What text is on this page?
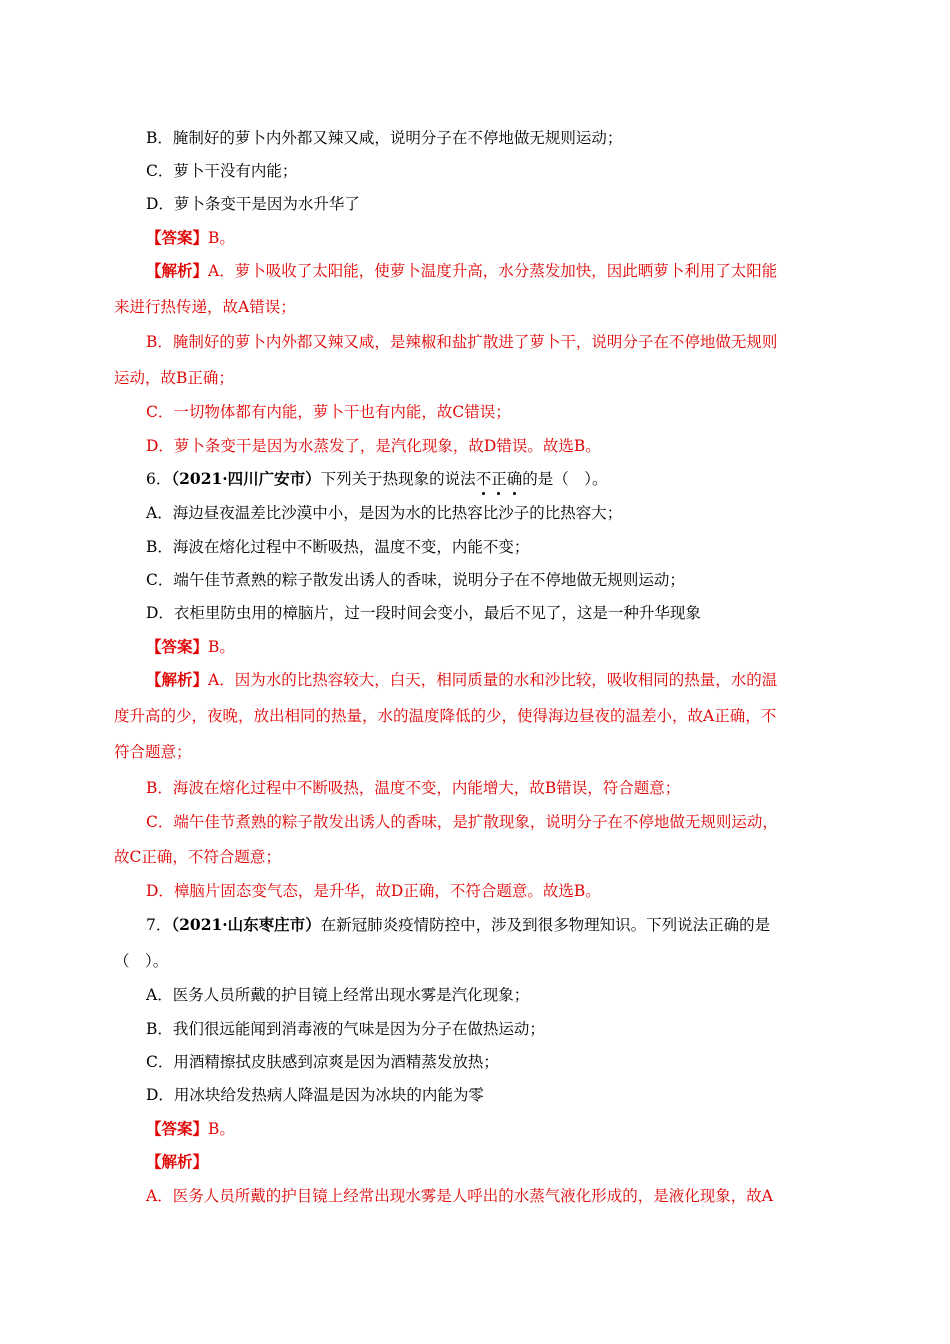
B．腌制好的萝卜内外都又辣又咸，说明分子在不停地做无规则运动；
C．萝卜干没有内能；
D．萝卜条变干是因为水升华了
【答案】B。
【解析】A．萝卜吸收了太阳能，使萝卜温度升高，水分蒸发加快，因此晒萝卜利用了太阳能
来进行热传递，故A错误；
B．腌制好的萝卜内外都又辣又咸，是辣椒和盐扩散进了萝卜干，说明分子在不停地做无规则
运动，故B正确；
C．一切物体都有内能，萝卜干也有内能，故C错误；
D．萝卜条变干是因为水蒸发了，是汽化现象，故D错误。故选B。
6．（2021·四川广安市）下列关于热现象的说法不正确的是（　）。
A．海边昼夜温差比沙漠中小，是因为水的比热容比沙子的比热容大；
B．海波在熔化过程中不断吸热，温度不变，内能不变；
C．端午佳节煮熟的粽子散发出诱人的香味，说明分子在不停地做无规则运动；
D．衣柜里防虫用的樟脑片，过一段时间会变小，最后不见了，这是一种升华现象
【答案】B。
【解析】A．因为水的比热容较大，白天，相同质量的水和沙比较，吸收相同的热量，水的温
度升高的少，夜晚，放出相同的热量，水的温度降低的少，使得海边昼夜的温差小，故A正确，不
符合题意；
B．海波在熔化过程中不断吸热，温度不变，内能增大，故B错误，符合题意；
C．端午佳节煮熟的粽子散发出诱人的香味，是扩散现象，说明分子在不停地做无规则运动，
故C正确，不符合题意；
D．樟脑片固态变气态，是升华，故D正确，不符合题意。故选B。
7．（2021·山东枣庄市）在新冠肺炎疫情防控中，涉及到很多物理知识。下列说法正确的是
（　）。
A．医务人员所戴的护目镜上经常出现水雾是汽化现象；
B．我们很远能闻到消毒液的气味是因为分子在做热运动；
C．用酒精擦拭皮肤感到凉爽是因为酒精蒸发放热；
D．用冰块给发热病人降温是因为冰块的内能为零
【答案】B。
【解析】
A．医务人员所戴的护目镜上经常出现水雾是人呼出的水蒸气液化形成的，是液化现象，故A
